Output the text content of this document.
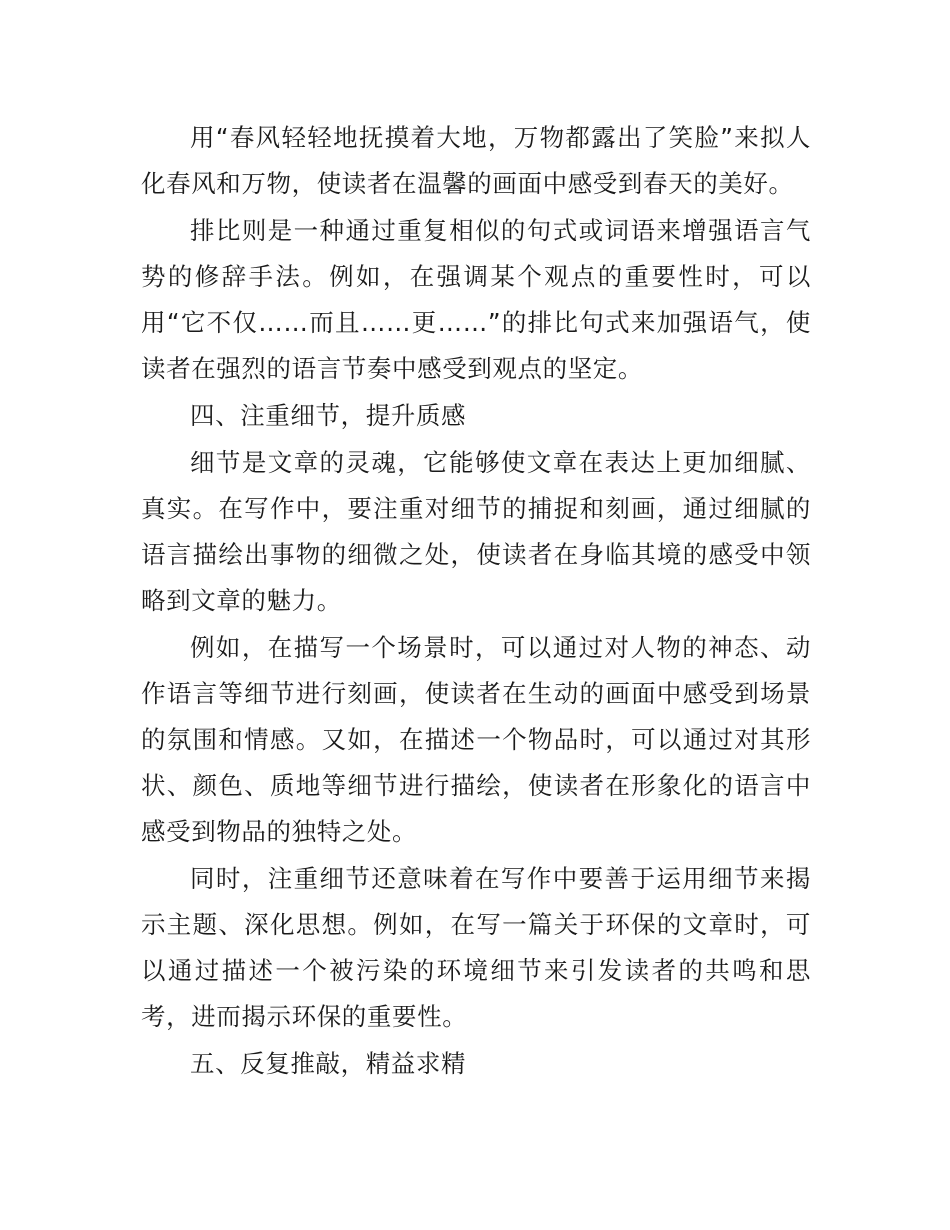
用“春风轻轻地抚摸着大地，万物都露出了笑脸”来拟人化春风和万物，使读者在温馨的画面中感受到春天的美好。

排比则是一种通过重复相似的句式或词语来增强语言气势的修辞手法。例如，在强调某个观点的重要性时，可以用“它不仅……而且……更……”的排比句式来加强语气，使读者在强烈的语言节奏中感受到观点的坚定。

四、注重细节，提升质感

细节是文章的灵魂，它能够使文章在表达上更加细腻、真实。在写作中，要注重对细节的捕捉和刻画，通过细腻的语言描绘出事物的细微之处，使读者在身临其境的感受中领略到文章的魅力。

例如，在描写一个场景时，可以通过对人物的神态、动作语言等细节进行刻画，使读者在生动的画面中感受到场景的氛围和情感。又如，在描述一个物品时，可以通过对其形状、颜色、质地等细节进行描绘，使读者在形象化的语言中感受到物品的独特之处。

同时，注重细节还意味着在写作中要善于运用细节来揭示主题、深化思想。例如，在写一篇关于环保的文章时，可以通过描述一个被污染的环境细节来引发读者的共鸣和思考，进而揭示环保的重要性。

五、反复推敲，精益求精
